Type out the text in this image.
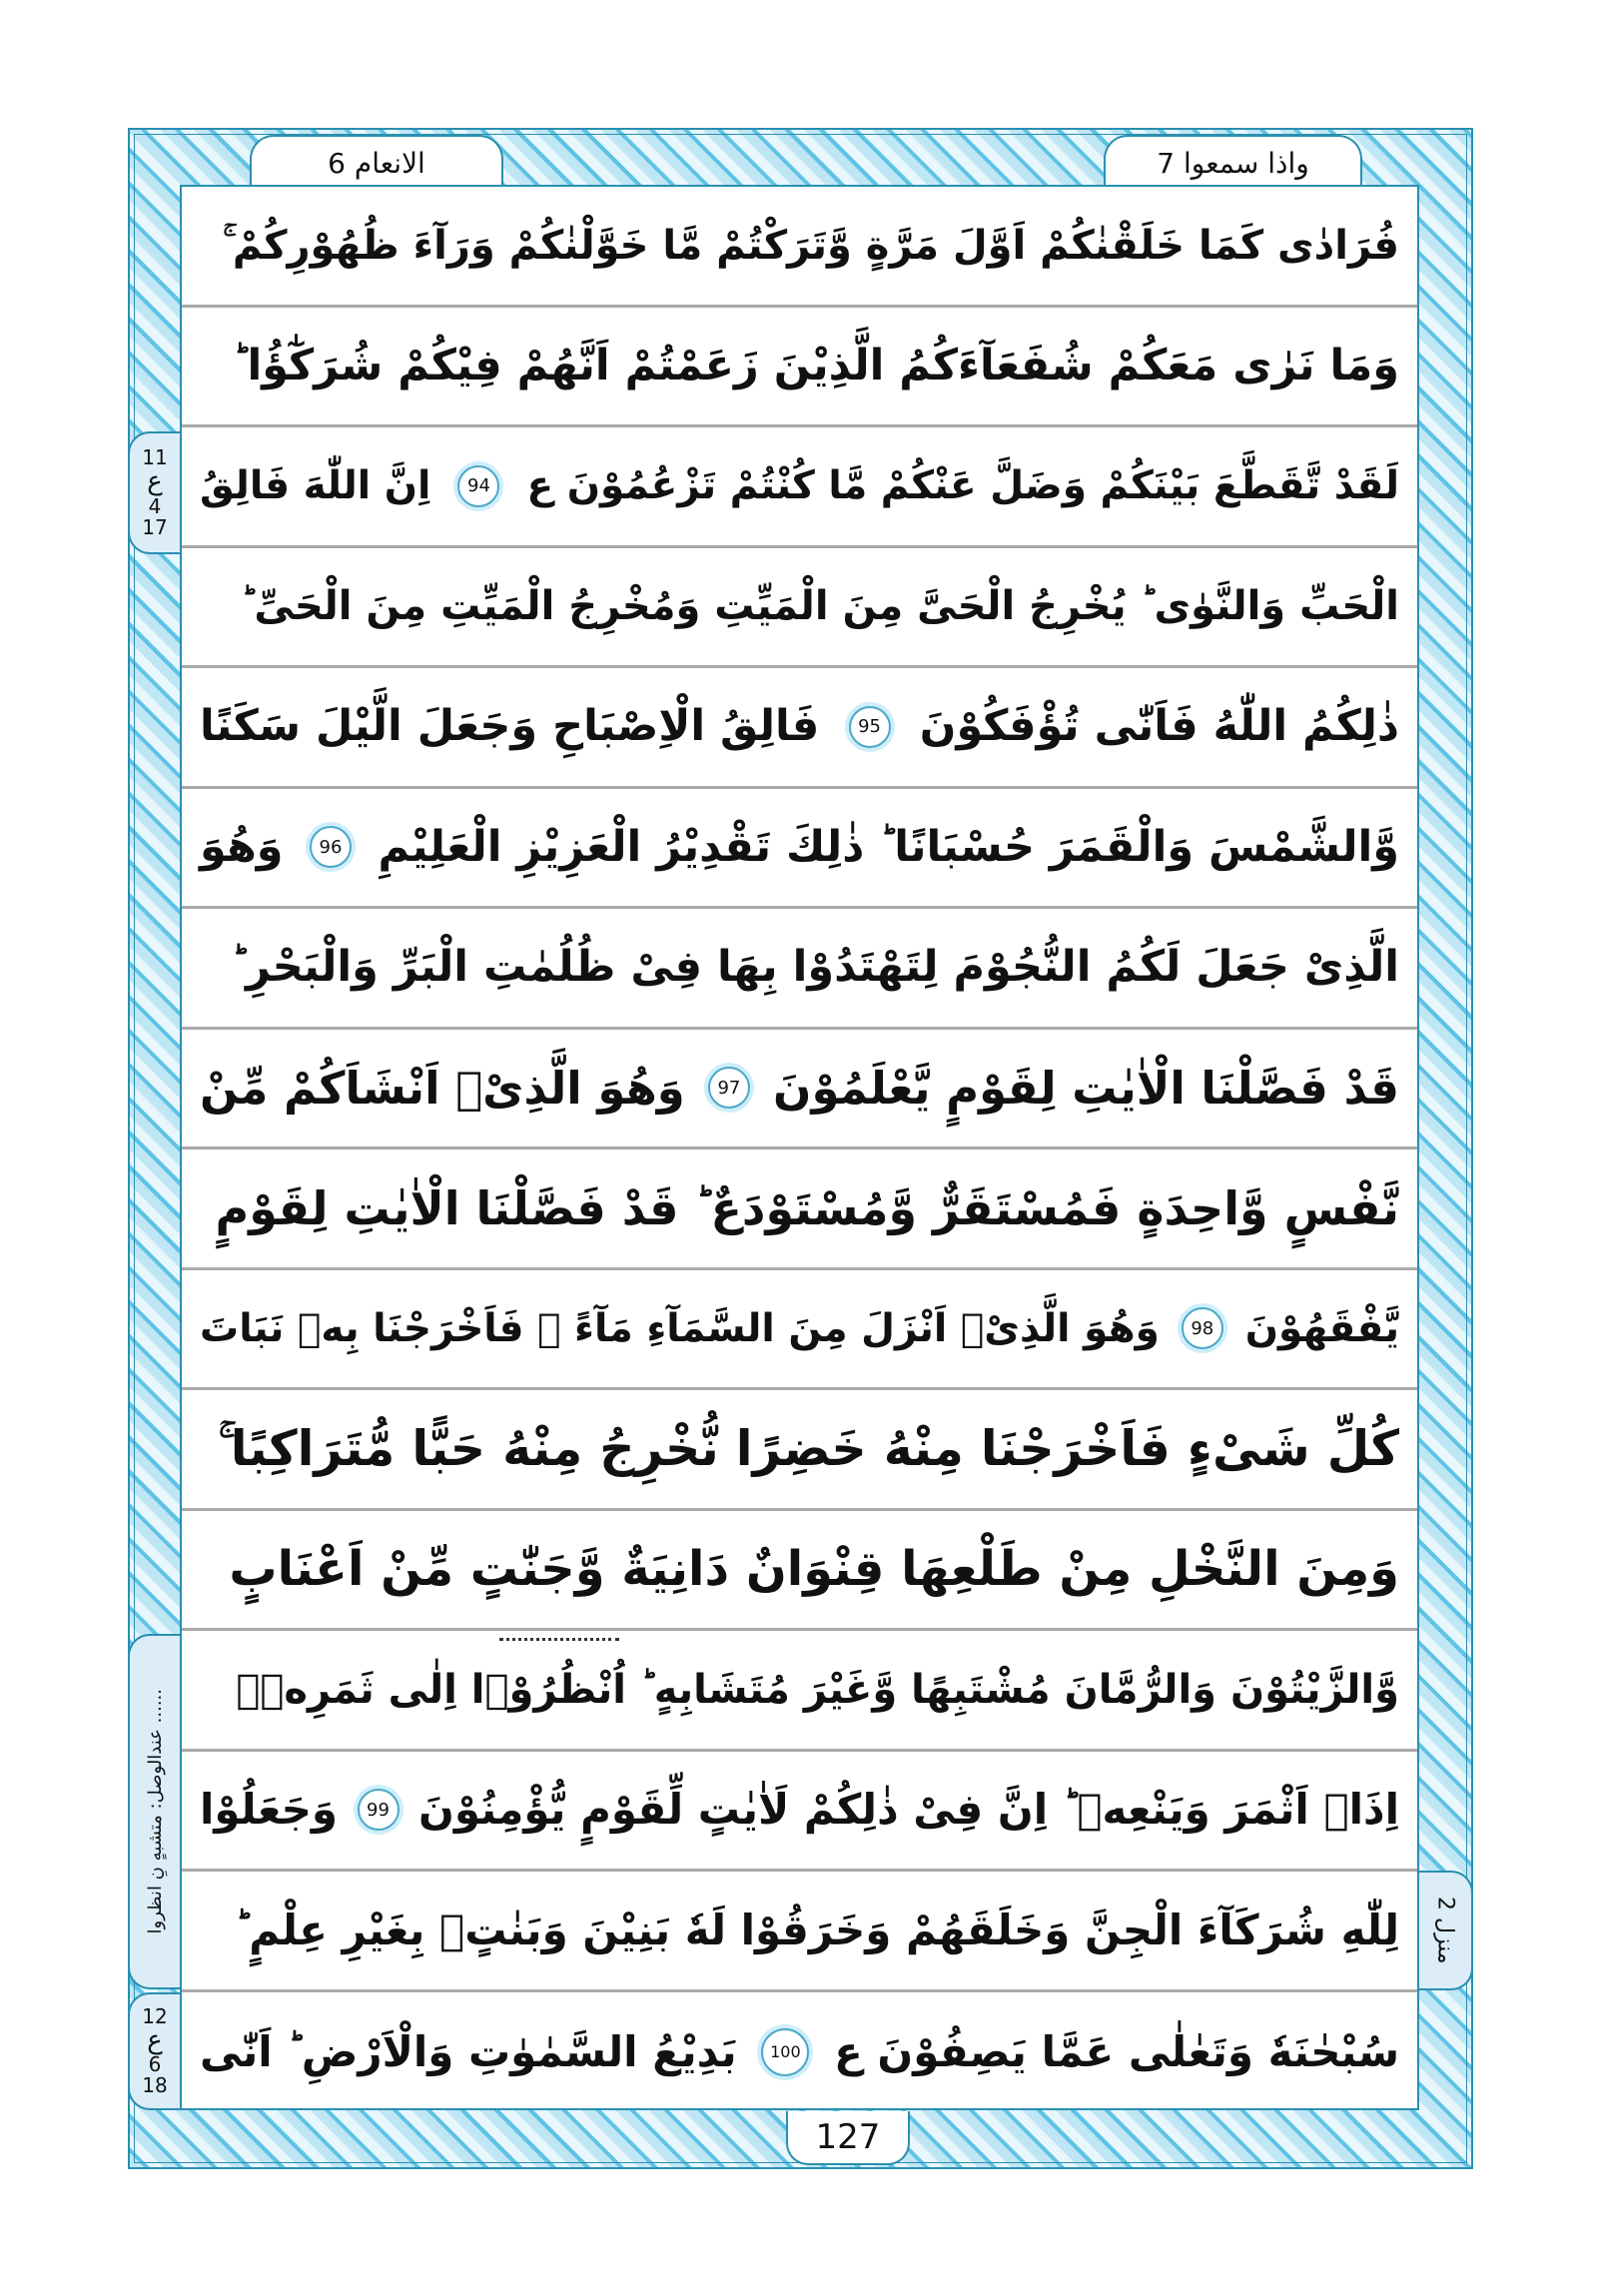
الانعام 6	واذا سمعوا 7
فُرَادٰی كَمَا خَلَقْنٰكُمْ اَوَّلَ مَرَّةٍ وَّتَرَكْتُمْ مَّا خَوَّلْنٰكُمْ وَرَآءَ ظُهُوْرِكُمْ ۚ
وَمَا نَرٰی مَعَكُمْ شُفَعَآءَكُمُ الَّذِیْنَ زَعَمْتُمْ اَنَّهُمْ فِیْكُمْ شُرَكٰٓؤُا ؕ
لَقَدْ تَّقَطَّعَ بَیْنَكُمْ وَضَلَّ عَنْكُمْ مَّا كُنْتُمْ تَزْعُمُوْنَ ع
94
اِنَّ اللّٰهَ فَالِقُ
الْحَبِّ وَالنَّوٰی ؕ یُخْرِجُ الْحَیَّ مِنَ الْمَیِّتِ وَمُخْرِجُ الْمَیِّتِ مِنَ الْحَیِّ ؕ
ذٰلِكُمُ اللّٰهُ فَاَنّٰی تُؤْفَكُوْنَ
95
فَالِقُ الْاِصْبَاحِ وَجَعَلَ الَّیْلَ سَكَنًا
وَّالشَّمْسَ وَالْقَمَرَ حُسْبَانًا ؕ ذٰلِكَ تَقْدِیْرُ الْعَزِیْزِ الْعَلِیْمِ
96
وَهُوَ
الَّذِیْ جَعَلَ لَكُمُ النُّجُوْمَ لِتَهْتَدُوْا بِهَا فِیْ ظُلُمٰتِ الْبَرِّ وَالْبَحْرِ ؕ
قَدْ فَصَّلْنَا الْاٰیٰتِ لِقَوْمٍ یَّعْلَمُوْنَ
97
وَهُوَ الَّذِیْۤ اَنْشَاَكُمْ مِّنْ
نَّفْسٍ وَّاحِدَةٍ فَمُسْتَقَرٌّ وَّمُسْتَوْدَعٌ ؕ قَدْ فَصَّلْنَا الْاٰیٰتِ لِقَوْمٍ
یَّفْقَهُوْنَ
98
وَهُوَ الَّذِیْۤ اَنْزَلَ مِنَ السَّمَآءِ مَآءً ۚ فَاَخْرَجْنَا بِهٖ نَبَاتَ
كُلِّ شَیْءٍ فَاَخْرَجْنَا مِنْهُ خَضِرًا نُّخْرِجُ مِنْهُ حَبًّا مُّتَرَاكِبًا ۚ
وَمِنَ النَّخْلِ مِنْ طَلْعِهَا قِنْوَانٌ دَانِیَةٌ وَّجَنّٰتٍ مِّنْ اَعْنَابٍ
وَّالزَّیْتُوْنَ وَالرُّمَّانَ مُشْتَبِهًا وَّغَیْرَ مُتَشَابِهٍ ؕ اُنْظُرُوْۤا اِلٰی ثَمَرِهٖۤ
اِذَاۤ اَثْمَرَ وَیَنْعِهٖ ؕ اِنَّ فِیْ ذٰلِكُمْ لَاٰیٰتٍ لِّقَوْمٍ یُّؤْمِنُوْنَ
99
وَجَعَلُوْا
لِلّٰهِ شُرَكَآءَ الْجِنَّ وَخَلَقَهُمْ وَخَرَقُوْا لَهٗ بَنِیْنَ وَبَنٰتٍۭ بِغَیْرِ عِلْمٍ ؕ
سُبْحٰنَهٗ وَتَعٰلٰی عَمَّا یَصِفُوْنَ ع
100
بَدِیْعُ السَّمٰوٰتِ وَالْاَرْضِ ؕ اَنّٰی
11
ع
4
17
عندالوصل: متشبهٍ نِ انظروا ......
12
ع
6
18
منزل 2
127
